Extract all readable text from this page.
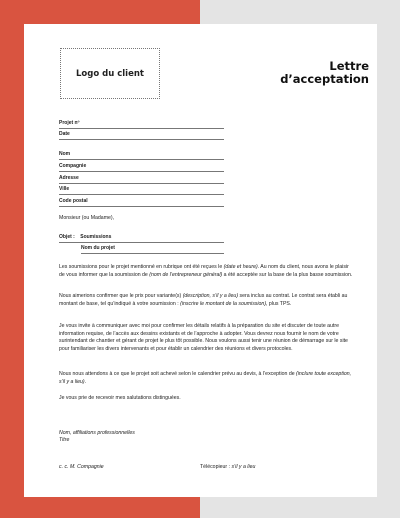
Logo du client
Lettre
d’acceptation
Projet nº
Date
Nom
Compagnie
Adresse
Ville
Code postal
Monsieur (ou Madame),
Objet : Soumissions
Nom du projet
Les soumissions pour le projet mentionné en rubrique ont été reçues le (date et heure). Au nom du client, nous avons le plaisir de vous informer que la soumission de (nom de l’entrepreneur général) a été acceptée sur la base de la plus basse soumission.
Nous aimerions confirmer que le prix pour variante(s) (description, s’il y a lieu) sera inclus au contrat. Le contrat sera établi au montant de base, tel qu’indiqué à votre soumission : (inscrire le montant de la soumission), plus TPS.
Je vous invite à communiquer avec moi pour confirmer les détails relatifs à la préparation du site et discuter de toute autre information requise, de l’accès aux dessins existants et de l’approche à adopter. Vous devrez nous fournir le nom de votre surintendant de chantier et gérant de projet le plus tôt possible. Nous voulons aussi tenir une réunion de démarrage sur le site pour familiariser les divers intervenants et pour établir un calendrier des réunions et divers protocoles.
Nous nous attendons à ce que le projet soit achevé selon le calendrier prévu au devis, à l’exception de (inclure toute exception, s’il y a lieu).
Je vous prie de recevoir mes salutations distinguées.
Nom, affiliations professionnelles
Titre
c. c. M. Compagnie	Télécopieur : s’il y a lieu
